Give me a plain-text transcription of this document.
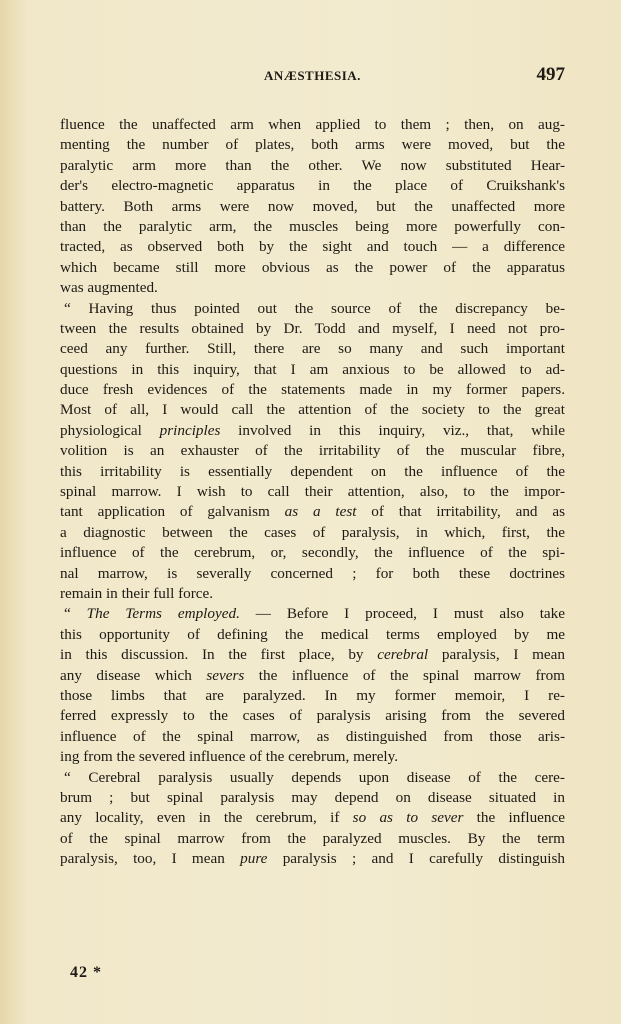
ANÆSTHESIA.	497
fluence the unaffected arm when applied to them ; then, on aug-
menting the number of plates, both arms were moved, but the
paralytic arm more than the other. We now substituted Hear-
der's electro-magnetic apparatus in the place of Cruikshank's
battery. Both arms were now moved, but the unaffected more
than the paralytic arm, the muscles being more powerfully con-
tracted, as observed both by the sight and touch — a difference
which became still more obvious as the power of the apparatus
was augmented.
“ Having thus pointed out the source of the discrepancy be-
tween the results obtained by Dr. Todd and myself, I need not pro-
ceed any further. Still, there are so many and such important
questions in this inquiry, that I am anxious to be allowed to ad-
duce fresh evidences of the statements made in my former papers.
Most of all, I would call the attention of the society to the great
physiological principles involved in this inquiry, viz., that, while
volition is an exhauster of the irritability of the muscular fibre,
this irritability is essentially dependent on the influence of the
spinal marrow. I wish to call their attention, also, to the impor-
tant application of galvanism as a test of that irritability, and as
a diagnostic between the cases of paralysis, in which, first, the
influence of the cerebrum, or, secondly, the influence of the spi-
nal marrow, is severally concerned ; for both these doctrines
remain in their full force.
“ The Terms employed. — Before I proceed, I must also take
this opportunity of defining the medical terms employed by me
in this discussion. In the first place, by cerebral paralysis, I mean
any disease which severs the influence of the spinal marrow from
those limbs that are paralyzed. In my former memoir, I re-
ferred expressly to the cases of paralysis arising from the severed
influence of the spinal marrow, as distinguished from those aris-
ing from the severed influence of the cerebrum, merely.
“ Cerebral paralysis usually depends upon disease of the cere-
brum ; but spinal paralysis may depend on disease situated in
any locality, even in the cerebrum, if so as to sever the influence
of the spinal marrow from the paralyzed muscles. By the term
paralysis, too, I mean pure paralysis ; and I carefully distinguish
42 *
